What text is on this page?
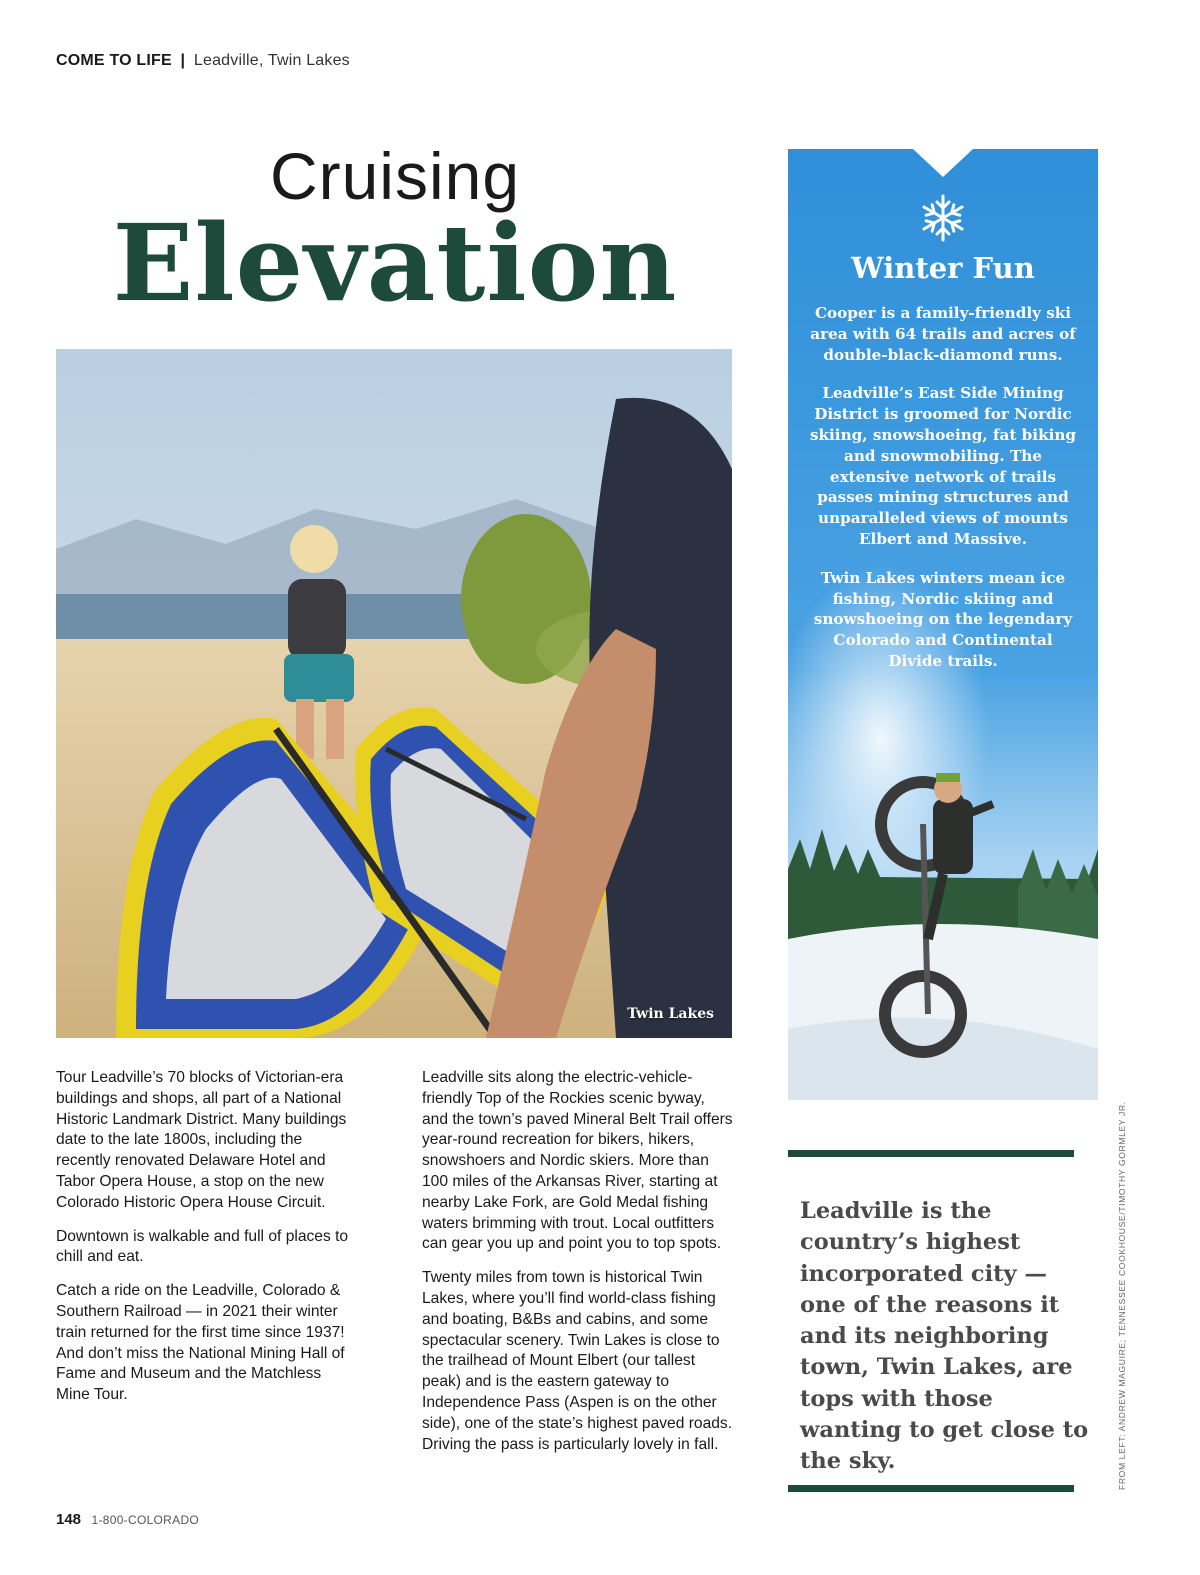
COME TO LIFE | Leadville, Twin Lakes
Cruising
Elevation
Twin Lakes

Tour Leadville’s 70 blocks of Victorian-era buildings and shops, all part of a National Historic Landmark District. Many buildings date to the late 1800s, including the recently renovated Delaware Hotel and Tabor Opera House, a stop on the new Colorado Historic Opera House Circuit.

Downtown is walkable and full of places to chill and eat.

Catch a ride on the Leadville, Colorado & Southern Railroad — in 2021 their winter train returned for the first time since 1937! And don’t miss the National Mining Hall of Fame and Museum and the Matchless Mine Tour.

Leadville sits along the electric-vehicle-friendly Top of the Rockies scenic byway, and the town’s paved Mineral Belt Trail offers year-round recreation for bikers, hikers, snowshoers and Nordic skiers. More than 100 miles of the Arkansas River, starting at nearby Lake Fork, are Gold Medal fishing waters brimming with trout. Local outfitters can gear you up and point you to top spots.

Twenty miles from town is historical Twin Lakes, where you’ll find world-class fishing and boating, B&Bs and cabins, and some spectacular scenery. Twin Lakes is close to the trailhead of Mount Elbert (our tallest peak) and is the eastern gateway to Independence Pass (Aspen is on the other side), one of the state’s highest paved roads. Driving the pass is particularly lovely in fall.

Winter Fun

Cooper is a family-friendly ski area with 64 trails and acres of double-black-diamond runs.

Leadville’s East Side Mining District is groomed for Nordic skiing, snowshoeing, fat biking and snowmobiling. The extensive network of trails passes mining structures and unparalleled views of mounts Elbert and Massive.

Twin Lakes winters mean ice fishing, Nordic skiing and snowshoeing on the legendary Colorado and Continental Divide trails.

Leadville is the country’s highest incorporated city — one of the reasons it and its neighboring town, Twin Lakes, are tops with those wanting to get close to the sky.	FROM LEFT: ANDREW MAGUIRE; TENNESSEE COOKHOUSE/TIMOTHY GORMLEY JR.
148 1-800-COLORADO
